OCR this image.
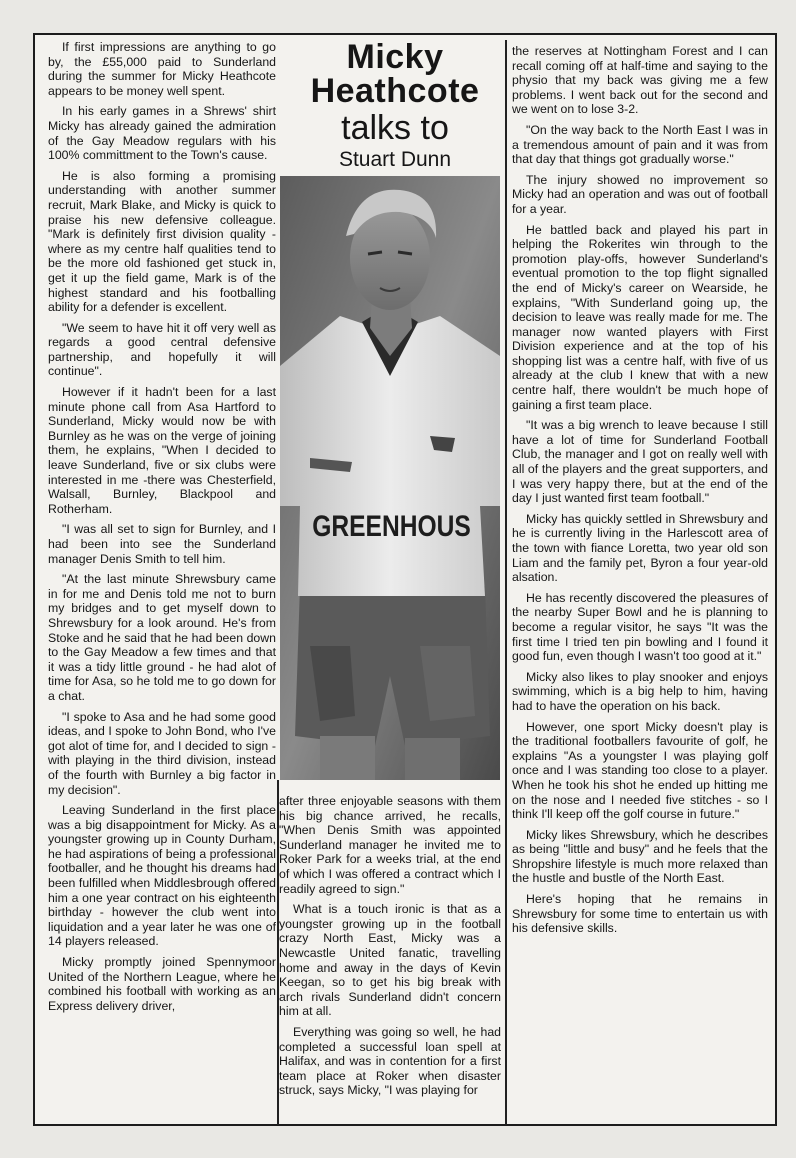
Micky
Heathcote
talks to
Stuart Dunn
GREENHOUS

If first impressions are anything to go by, the £55,000 paid to Sunderland during the summer for Micky Heathcote appears to be money well spent.

In his early games in a Shrews' shirt Micky has already gained the admiration of the Gay Meadow regulars with his 100% committment to the Town's cause.

He is also forming a promising understanding with another summer recruit, Mark Blake, and Micky is quick to praise his new defensive colleague. "Mark is definitely first division quality - where as my centre half qualities tend to be the more old fashioned get stuck in, get it up the field game, Mark is of the highest standard and his footballing ability for a defender is excellent.

"We seem to have hit it off very well as regards a good central defensive partnership, and hopefully it will continue".

However if it hadn't been for a last minute phone call from Asa Hartford to Sunderland, Micky would now be with Burnley as he was on the verge of joining them, he explains, "When I decided to leave Sunderland, five or six clubs were interested in me -there was Chesterfield, Walsall, Burnley, Blackpool and Rotherham.

"I was all set to sign for Burnley, and I had been into see the Sunderland manager Denis Smith to tell him.

"At the last minute Shrewsbury came in for me and Denis told me not to burn my bridges and to get myself down to Shrewsbury for a look around. He's from Stoke and he said that he had been down to the Gay Meadow a few times and that it was a tidy little ground - he had alot of time for Asa, so he told me to go down for a chat.

"I spoke to Asa and he had some good ideas, and I spoke to John Bond, who I've got alot of time for, and I decided to sign - with playing in the third division, instead of the fourth with Burnley a big factor in my decision".

Leaving Sunderland in the first place was a big disappointment for Micky. As a youngster growing up in County Durham, he had aspirations of being a professional footballer, and he thought his dreams had been fulfilled when Middlesbrough offered him a one year contract on his eighteenth birthday - however the club went into liquidation and a year later he was one of 14 players released.

Micky promptly joined Spennymoor United of the Northern League, where he combined his football with working as an Express delivery driver,

after three enjoyable seasons with them his big chance arrived, he recalls, "When Denis Smith was appointed Sunderland manager he invited me to Roker Park for a weeks trial, at the end of which I was offered a contract which I readily agreed to sign."

What is a touch ironic is that as a youngster growing up in the football crazy North East, Micky was a Newcastle United fanatic, travelling home and away in the days of Kevin Keegan, so to get his big break with arch rivals Sunderland didn't concern him at all.

Everything was going so well, he had completed a successful loan spell at Halifax, and was in contention for a first team place at Roker when disaster struck, says Micky, "I was playing for

the reserves at Nottingham Forest and I can recall coming off at half-time and saying to the physio that my back was giving me a few problems. I went back out for the second and we went on to lose 3-2.

"On the way back to the North East I was in a tremendous amount of pain and it was from that day that things got gradually worse."

The injury showed no improvement so Micky had an operation and was out of football for a year.

He battled back and played his part in helping the Rokerites win through to the promotion play-offs, however Sunderland's eventual promotion to the top flight signalled the end of Micky's career on Wearside, he explains, "With Sunderland going up, the decision to leave was really made for me. The manager now wanted players with First Division experience and at the top of his shopping list was a centre half, with five of us already at the club I knew that with a new centre half, there wouldn't be much hope of gaining a first team place.

"It was a big wrench to leave because I still have a lot of time for Sunderland Football Club, the manager and I got on really well with all of the players and the great supporters, and I was very happy there, but at the end of the day I just wanted first team football."

Micky has quickly settled in Shrewsbury and he is currently living in the Harlescott area of the town with fiance Loretta, two year old son Liam and the family pet, Byron a four year-old alsation.

He has recently discovered the pleasures of the nearby Super Bowl and he is planning to become a regular visitor, he says "It was the first time I tried ten pin bowling and I found it good fun, even though I wasn't too good at it."

Micky also likes to play snooker and enjoys swimming, which is a big help to him, having had to have the operation on his back.

However, one sport Micky doesn't play is the traditional footballers favourite of golf, he explains "As a youngster I was playing golf once and I was standing too close to a player. When he took his shot he ended up hitting me on the nose and I needed five stitches - so I think I'll keep off the golf course in future."

Micky likes Shrewsbury, which he describes as being "little and busy" and he feels that the Shropshire lifestyle is much more relaxed than the hustle and bustle of the North East.

Here's hoping that he remains in Shrewsbury for some time to entertain us with his defensive skills.
